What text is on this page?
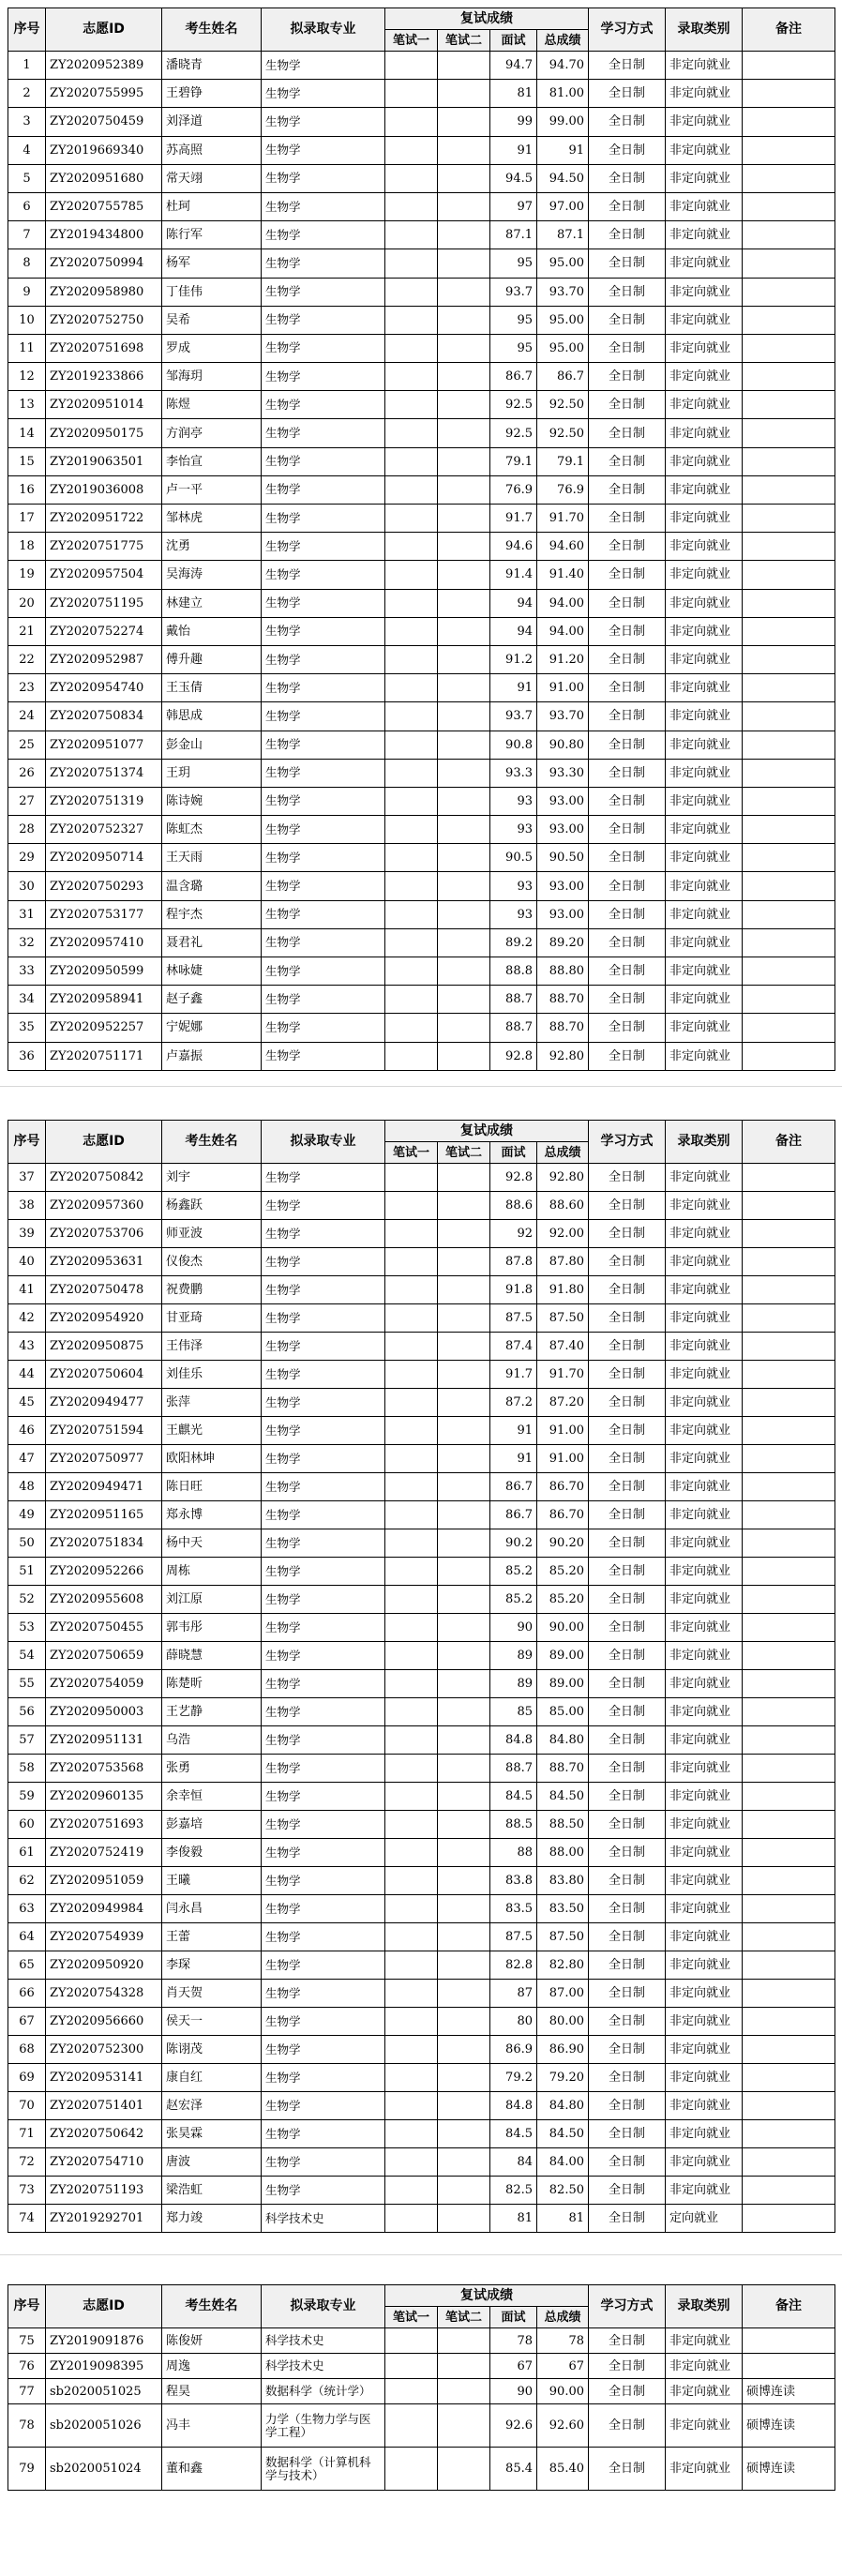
序号	志愿ID	考生姓名	拟录取专业	复试成绩				学习方式	录取类别	备注
				笔试一	笔试二	面试	总成绩			
1	ZY2020952389	潘晓青	生物学			94.7	94.70	全日制	非定向就业	
2	ZY2020755995	王碧铮	生物学			81	81.00	全日制	非定向就业	
3	ZY2020750459	刘泽道	生物学			99	99.00	全日制	非定向就业	
4	ZY2019669340	苏高照	生物学			91	91	全日制	非定向就业	
5	ZY2020951680	常天翊	生物学			94.5	94.50	全日制	非定向就业	
6	ZY2020755785	杜珂	生物学			97	97.00	全日制	非定向就业	
7	ZY2019434800	陈行军	生物学			87.1	87.1	全日制	非定向就业	
8	ZY2020750994	杨军	生物学			95	95.00	全日制	非定向就业	
9	ZY2020958980	丁佳伟	生物学			93.7	93.70	全日制	非定向就业	
10	ZY2020752750	吴希	生物学			95	95.00	全日制	非定向就业	
11	ZY2020751698	罗成	生物学			95	95.00	全日制	非定向就业	
12	ZY2019233866	邹海玥	生物学			86.7	86.7	全日制	非定向就业	
13	ZY2020951014	陈煜	生物学			92.5	92.50	全日制	非定向就业	
14	ZY2020950175	方润亭	生物学			92.5	92.50	全日制	非定向就业	
15	ZY2019063501	李怡宣	生物学			79.1	79.1	全日制	非定向就业	
16	ZY2019036008	卢一平	生物学			76.9	76.9	全日制	非定向就业	
17	ZY2020951722	邹林虎	生物学			91.7	91.70	全日制	非定向就业	
18	ZY2020751775	沈勇	生物学			94.6	94.60	全日制	非定向就业	
19	ZY2020957504	吴海涛	生物学			91.4	91.40	全日制	非定向就业	
20	ZY2020751195	林建立	生物学			94	94.00	全日制	非定向就业	
21	ZY2020752274	戴怡	生物学			94	94.00	全日制	非定向就业	
22	ZY2020952987	傅升趣	生物学			91.2	91.20	全日制	非定向就业	
23	ZY2020954740	王玉倩	生物学			91	91.00	全日制	非定向就业	
24	ZY2020750834	韩思成	生物学			93.7	93.70	全日制	非定向就业	
25	ZY2020951077	彭金山	生物学			90.8	90.80	全日制	非定向就业	
26	ZY2020751374	王玥	生物学			93.3	93.30	全日制	非定向就业	
27	ZY2020751319	陈诗婉	生物学			93	93.00	全日制	非定向就业	
28	ZY2020752327	陈虹杰	生物学			93	93.00	全日制	非定向就业	
29	ZY2020950714	王天雨	生物学			90.5	90.50	全日制	非定向就业	
30	ZY2020750293	温含璐	生物学			93	93.00	全日制	非定向就业	
31	ZY2020753177	程宇杰	生物学			93	93.00	全日制	非定向就业	
32	ZY2020957410	聂君礼	生物学			89.2	89.20	全日制	非定向就业	
33	ZY2020950599	林咏婕	生物学			88.8	88.80	全日制	非定向就业	
34	ZY2020958941	赵子鑫	生物学			88.7	88.70	全日制	非定向就业	
35	ZY2020952257	宁妮娜	生物学			88.7	88.70	全日制	非定向就业	
36	ZY2020751171	卢嘉振	生物学			92.8	92.80	全日制	非定向就业	
序号	志愿ID	考生姓名	拟录取专业	复试成绩				学习方式	录取类别	备注
				笔试一	笔试二	面试	总成绩			
37	ZY2020750842	刘宇	生物学			92.8	92.80	全日制	非定向就业	
38	ZY2020957360	杨鑫跃	生物学			88.6	88.60	全日制	非定向就业	
39	ZY2020753706	师亚波	生物学			92	92.00	全日制	非定向就业	
40	ZY2020953631	仪俊杰	生物学			87.8	87.80	全日制	非定向就业	
41	ZY2020750478	祝费鹏	生物学			91.8	91.80	全日制	非定向就业	
42	ZY2020954920	甘亚琦	生物学			87.5	87.50	全日制	非定向就业	
43	ZY2020950875	王伟泽	生物学			87.4	87.40	全日制	非定向就业	
44	ZY2020750604	刘佳乐	生物学			91.7	91.70	全日制	非定向就业	
45	ZY2020949477	张萍	生物学			87.2	87.20	全日制	非定向就业	
46	ZY2020751594	王麒光	生物学			91	91.00	全日制	非定向就业	
47	ZY2020750977	欧阳林坤	生物学			91	91.00	全日制	非定向就业	
48	ZY2020949471	陈日旺	生物学			86.7	86.70	全日制	非定向就业	
49	ZY2020951165	郑永博	生物学			86.7	86.70	全日制	非定向就业	
50	ZY2020751834	杨中天	生物学			90.2	90.20	全日制	非定向就业	
51	ZY2020952266	周栋	生物学			85.2	85.20	全日制	非定向就业	
52	ZY2020955608	刘江原	生物学			85.2	85.20	全日制	非定向就业	
53	ZY2020750455	郭韦彤	生物学			90	90.00	全日制	非定向就业	
54	ZY2020750659	薛晓慧	生物学			89	89.00	全日制	非定向就业	
55	ZY2020754059	陈楚昕	生物学			89	89.00	全日制	非定向就业	
56	ZY2020950003	王艺静	生物学			85	85.00	全日制	非定向就业	
57	ZY2020951131	乌浩	生物学			84.8	84.80	全日制	非定向就业	
58	ZY2020753568	张勇	生物学			88.7	88.70	全日制	非定向就业	
59	ZY2020960135	余幸恒	生物学			84.5	84.50	全日制	非定向就业	
60	ZY2020751693	彭嘉培	生物学			88.5	88.50	全日制	非定向就业	
61	ZY2020752419	李俊毅	生物学			88	88.00	全日制	非定向就业	
62	ZY2020951059	王曦	生物学			83.8	83.80	全日制	非定向就业	
63	ZY2020949984	闫永昌	生物学			83.5	83.50	全日制	非定向就业	
64	ZY2020754939	王蕾	生物学			87.5	87.50	全日制	非定向就业	
65	ZY2020950920	李琛	生物学			82.8	82.80	全日制	非定向就业	
66	ZY2020754328	肖天贺	生物学			87	87.00	全日制	非定向就业	
67	ZY2020956660	侯天一	生物学			80	80.00	全日制	非定向就业	
68	ZY2020752300	陈诩茂	生物学			86.9	86.90	全日制	非定向就业	
69	ZY2020953141	康自红	生物学			79.2	79.20	全日制	非定向就业	
70	ZY2020751401	赵宏泽	生物学			84.8	84.80	全日制	非定向就业	
71	ZY2020750642	张昊霖	生物学			84.5	84.50	全日制	非定向就业	
72	ZY2020754710	唐波	生物学			84	84.00	全日制	非定向就业	
73	ZY2020751193	梁浩虹	生物学			82.5	82.50	全日制	非定向就业	
74	ZY2019292701	郑力竣	科学技术史			81	81	全日制	定向就业	
序号	志愿ID	考生姓名	拟录取专业	复试成绩				学习方式	录取类别	备注
				笔试一	笔试二	面试	总成绩			
75	ZY2019091876	陈俊妍	科学技术史			78	78	全日制	非定向就业	
76	ZY2019098395	周逸	科学技术史			67	67	全日制	非定向就业	
77	sb2020051025	程昊	数据科学（统计学）			90	90.00	全日制	非定向就业	硕博连读
78	sb2020051026	冯丰	力学（生物力学与医学工程）			92.6	92.60	全日制	非定向就业	硕博连读
79	sb2020051024	董和鑫	数据科学（计算机科学与技术）			85.4	85.40	全日制	非定向就业	硕博连读
